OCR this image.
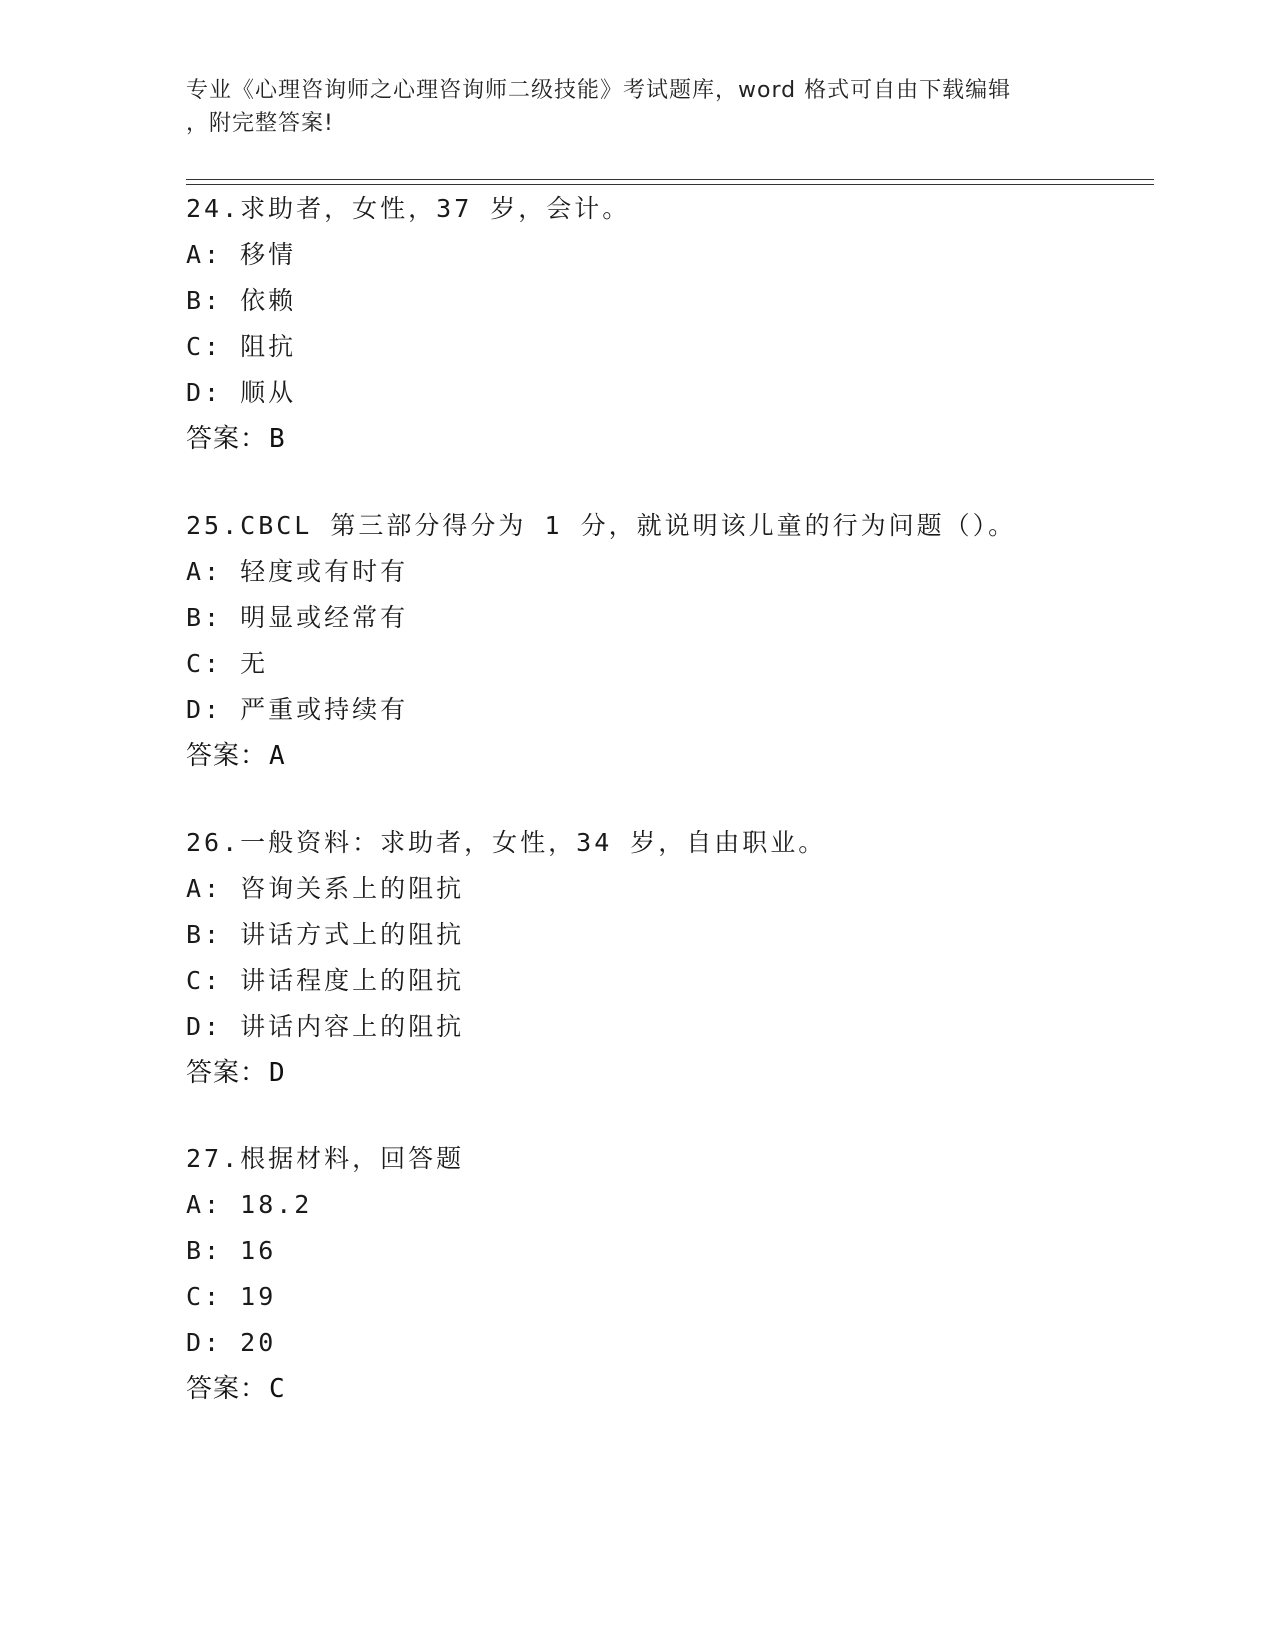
专业《心理咨询师之心理咨询师二级技能》考试题库，word 格式可自由下载编辑
，附完整答案!
24.求助者，女性，37 岁，会计。
A: 移情
B: 依赖
C: 阻抗
D: 顺从
答案：B
25.CBCL 第三部分得分为 1 分，就说明该儿童的行为问题（）。
A: 轻度或有时有
B: 明显或经常有
C: 无
D: 严重或持续有
答案：A
26.一般资料：求助者，女性，34 岁，自由职业。
A: 咨询关系上的阻抗
B: 讲话方式上的阻抗
C: 讲话程度上的阻抗
D: 讲话内容上的阻抗
答案：D
27.根据材料，回答题
A: 18.2
B: 16
C: 19
D: 20
答案：C
